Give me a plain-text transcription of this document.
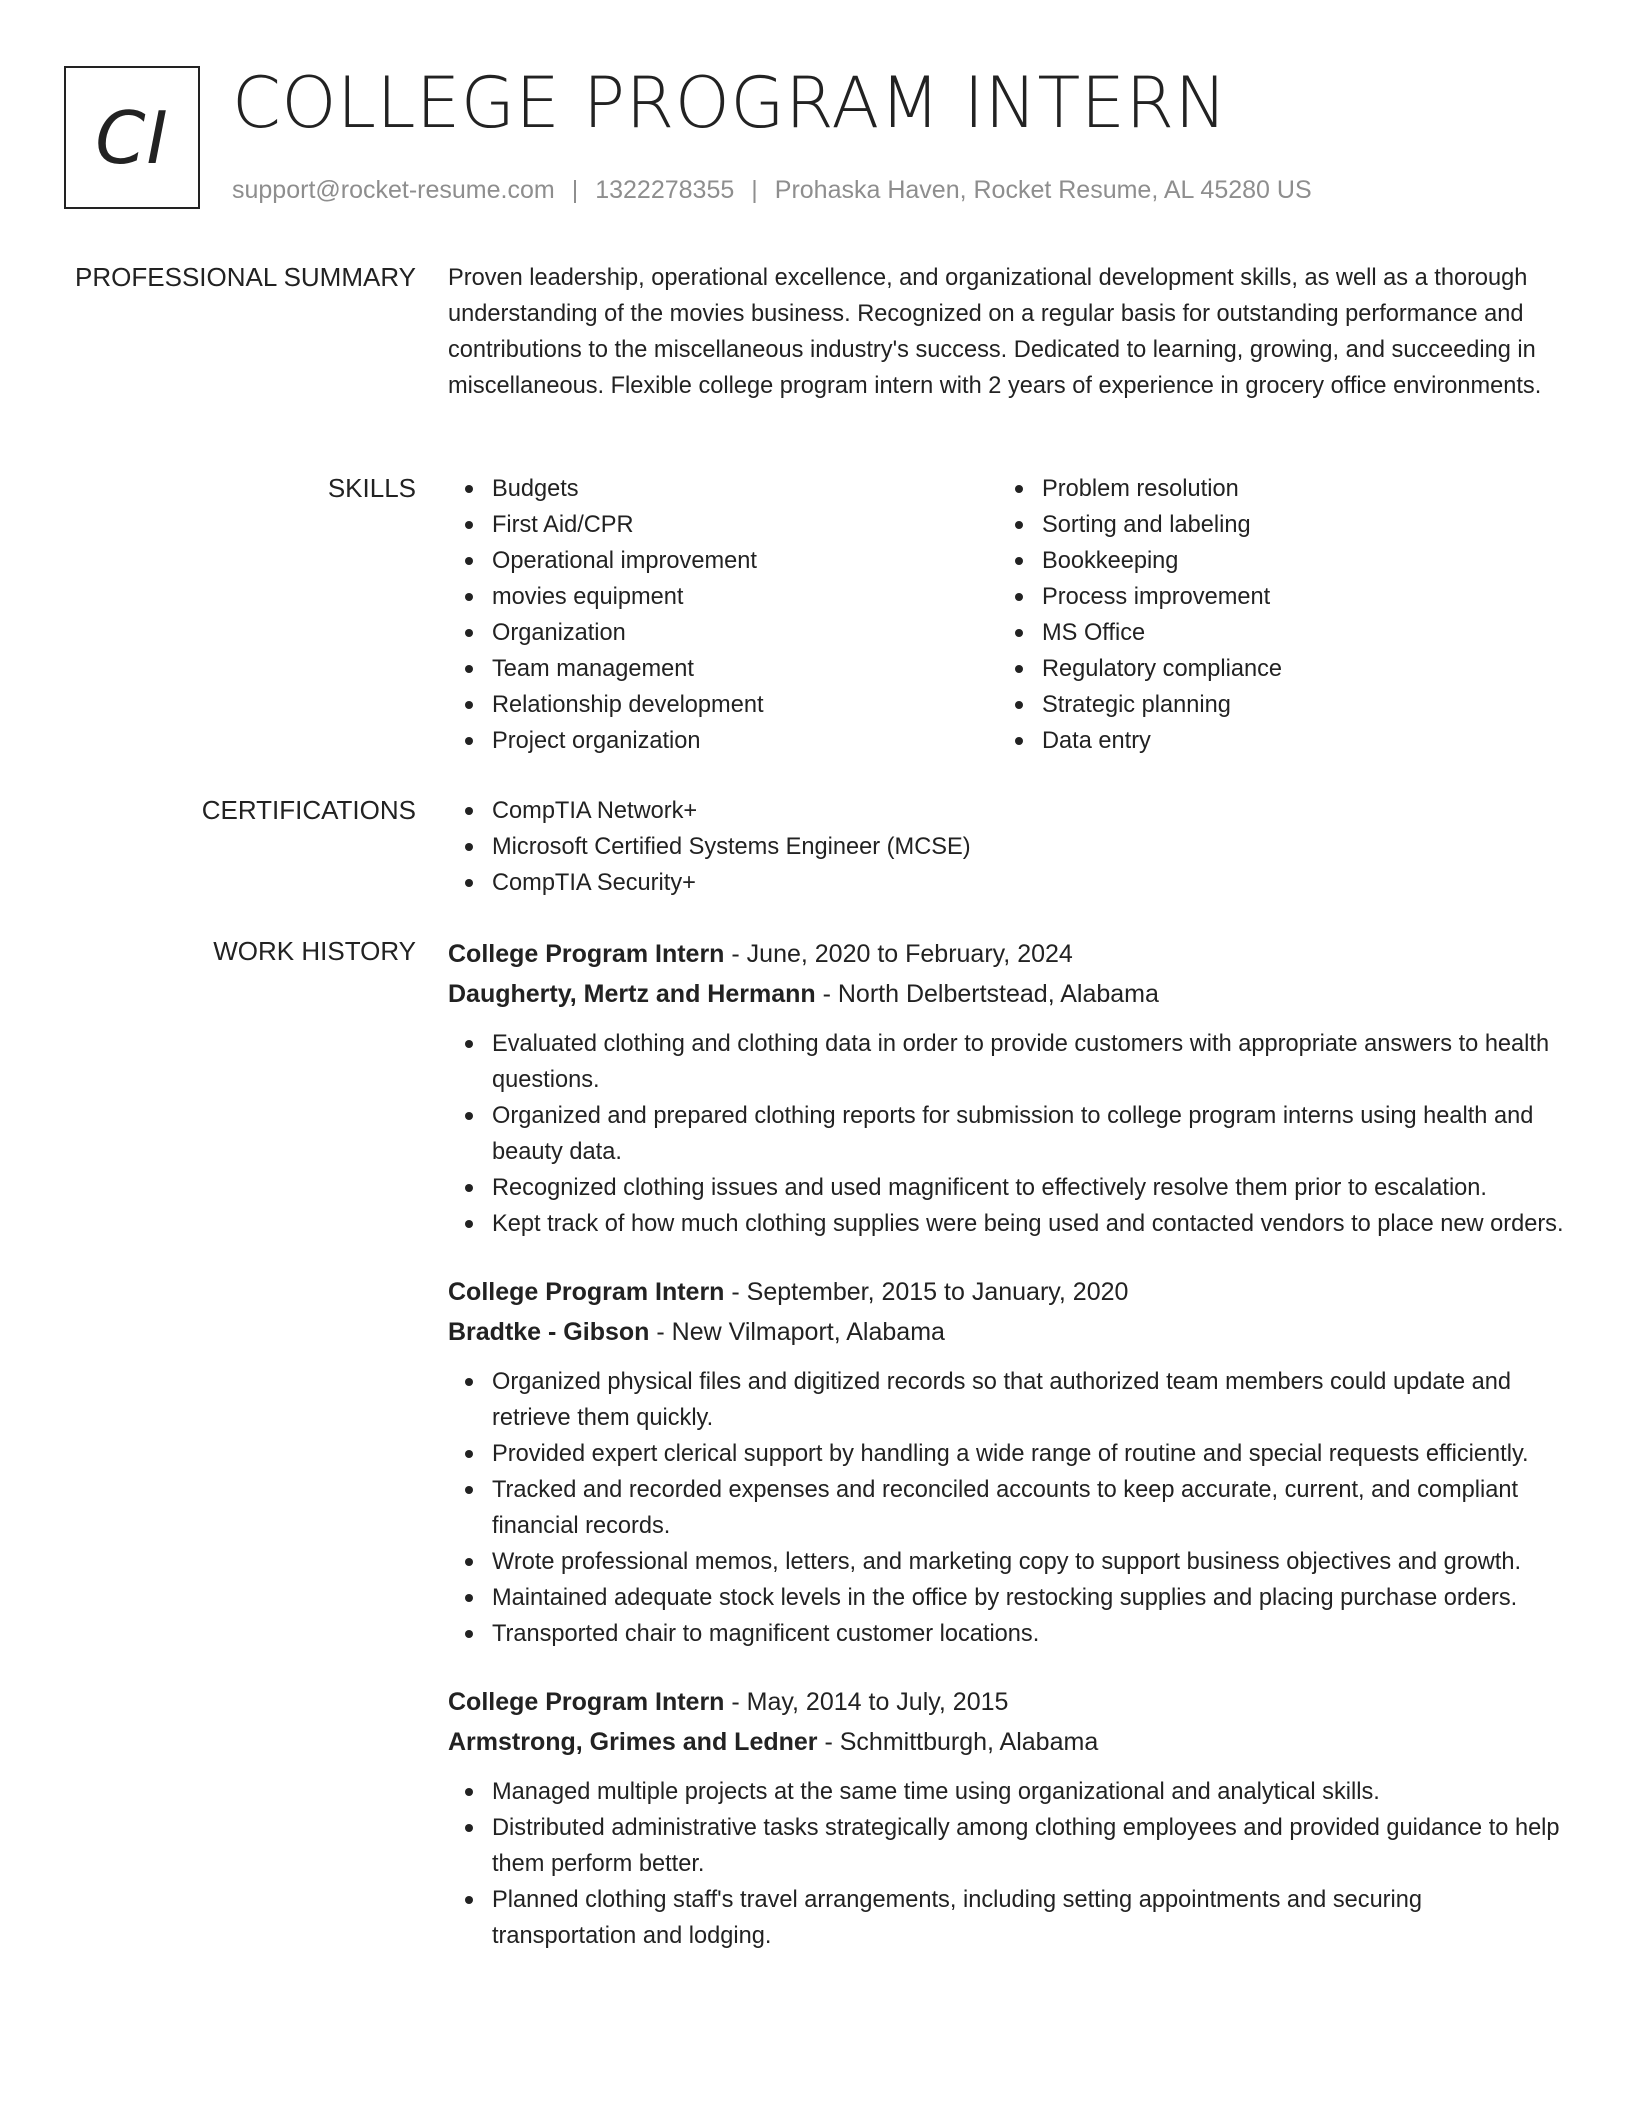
CI COLLEGE PROGRAM INTERN
support@rocket-resume.com | 1322278355 | Prohaska Haven, Rocket Resume, AL 45280 US
PROFESSIONAL SUMMARY Proven leadership, operational excellence, and organizational development skills, as well as a thorough understanding of the movies business. Recognized on a regular basis for outstanding performance and contributions to the miscellaneous industry's success. Dedicated to learning, growing, and succeeding in miscellaneous. Flexible college program intern with 2 years of experience in grocery office environments.
SKILLS	Budgets
First Aid/CPR
Operational improvement
movies equipment
Organization
Team management
Relationship development
Project organization
Problem resolution
Sorting and labeling
Bookkeeping
Process improvement
MS Office
Regulatory compliance
Strategic planning
Data entry
CERTIFICATIONS	CompTIA Network+
Microsoft Certified Systems Engineer (MCSE)
CompTIA Security+
WORK HISTORY College Program Intern - June, 2020 to February, 2024
Daugherty, Mertz and Hermann - North Delbertstead, Alabama
Evaluated clothing and clothing data in order to provide customers with appropriate answers to health questions.
Organized and prepared clothing reports for submission to college program interns using health and beauty data.
Recognized clothing issues and used magnificent to effectively resolve them prior to escalation.
Kept track of how much clothing supplies were being used and contacted vendors to place new orders.
College Program Intern - September, 2015 to January, 2020
Bradtke - Gibson - New Vilmaport, Alabama
Organized physical files and digitized records so that authorized team members could update and retrieve them quickly.
Provided expert clerical support by handling a wide range of routine and special requests efficiently.
Tracked and recorded expenses and reconciled accounts to keep accurate, current, and compliant financial records.
Wrote professional memos, letters, and marketing copy to support business objectives and growth.
Maintained adequate stock levels in the office by restocking supplies and placing purchase orders.
Transported chair to magnificent customer locations.
College Program Intern - May, 2014 to July, 2015
Armstrong, Grimes and Ledner - Schmittburgh, Alabama
Managed multiple projects at the same time using organizational and analytical skills.
Distributed administrative tasks strategically among clothing employees and provided guidance to help them perform better.
Planned clothing staff's travel arrangements, including setting appointments and securing transportation and lodging.
